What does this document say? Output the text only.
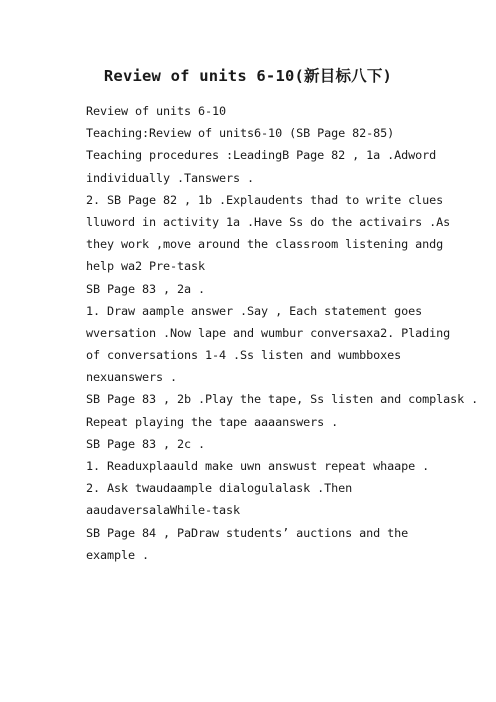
Review of units 6-10(新目标八下)
Review of units 6-10
Teaching:Review of units6-10 (SB Page 82-85)
Teaching procedures :LeadingB Page 82 , 1a .Adword
individually .Tanswers .
2. SB Page 82 , 1b .Explaudents thad to write clues
lluword in activity 1a .Have Ss do the activairs .As
they work ,move around the classroom listening andg
help wa2 Pre-task
SB Page 83 , 2a .
1. Draw aample answer .Say , Each statement goes
wversation .Now lape and wumbur conversaxa2. Plading
of conversations 1-4 .Ss listen and wumbboxes
nexuanswers .
SB Page 83 , 2b .Play the tape, Ss listen and complask .
Repeat playing the tape aaaanswers .
SB Page 83 , 2c .
1. Readuxplaauld make uwn answust repeat whaape .
2. Ask twaudaample dialogulalask .Then
aaudaversalaWhile-task
SB Page 84 , PaDraw students’ auctions and the
example .
